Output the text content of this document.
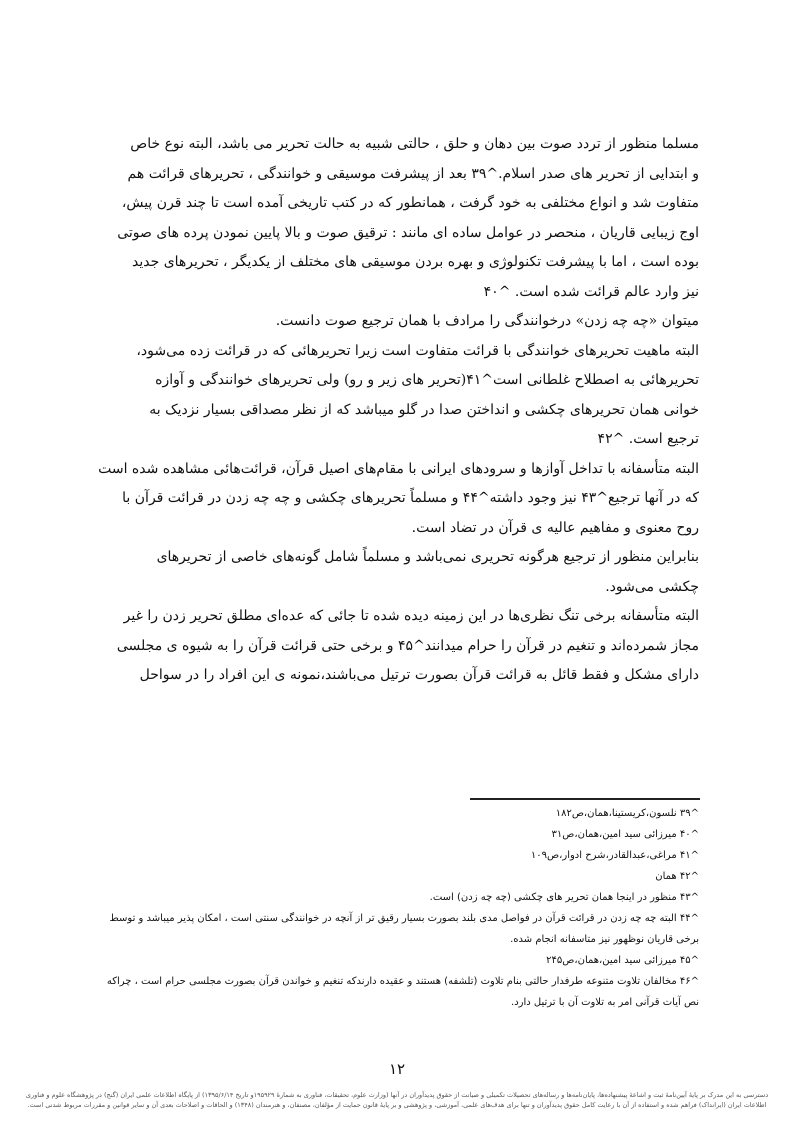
مسلما منظور از تردد صوت بین دهان و حلق ، حالتی شبیه به حالت تحریر می باشد، البته نوع خاص
و ابتدایی از تحریر های صدر اسلام.^۳۹ بعد از پیشرفت موسیقی و خوانندگی ، تحریرهای قرائت هم
متفاوت شد و انواع مختلفی به خود گرفت ، همانطور که در کتب تاریخی آمده است تا چند قرن پیش،
اوج زیبایی قاریان ، منحصر در عوامل ساده ای مانند : ترقیق صوت و بالا پایین نمودن پرده های صوتی
بوده است ، اما با پیشرفت تکنولوژی و بهره بردن موسیقی های مختلف از یکدیگر ، تحریرهای جدید
نیز وارد عالم قرائت شده است. ^۴۰
میتوان «چه چه زدن» درخوانندگی را مرادف با همان ترجیع صوت دانست.
البته ماهیت تحریرهای خوانندگی با قرائت متفاوت است زیرا تحریرهائی که در قرائت زده می‌شود،
تحریرهائی به اصطلاح غلطانی است^۴۱(تحریر های زیر و رو) ولی تحریرهای خوانندگی و آوازه
خوانی همان تحریرهای چکشی و انداختن صدا در گلو میباشد که از نظر مصداقی بسیار نزدیک به
ترجیع است. ^۴۲
البته متأسفانه با تداخل آوازها و سرودهای ایرانی با مقام‌های اصیل قرآن، قرائت‌هائی مشاهده شده است
که در آنها ترجیع^۴۳ نیز وجود داشته^۴۴ و مسلماً تحریرهای چکشی و چه چه زدن در قرائت قرآن با
روح معنوی و مفاهیم عالیه ی قرآن در تضاد است.
بنابراین منظور از ترجیع هرگونه تحریری نمی‌باشد و مسلماً شامل گونه‌های خاصی از تحریرهای
چکشی می‌شود.
البته متأسفانه برخی تنگ نظری‌ها در این زمینه دیده شده تا جائی که عده‌ای مطلق تحریر زدن را غیر
مجاز شمرده‌اند و تنغیم در قرآن را حرام میدانند^۴۵ و برخی حتی قرائت قرآن را به شیوه ی مجلسی
دارای مشکل و فقط قائل به قرائت قرآن بصورت ترتیل می‌باشند،نمونه ی این افراد را در سواحل
^۳۹ نلسون،کریستینا،همان،ص۱۸۲
^۴۰ میرزائی سید امین،همان،ص۳۱
^۴۱ مراغی،عبدالقادر،شرح ادوار،ص۱۰۹
^۴۲ همان
^۴۳ منظور در اینجا همان تحریر های چکشی (چه چه زدن) است.
^۴۴ البته چه چه زدن در قرائت قرآن در فواصل مدی بلند بصورت بسیار رقیق تر از آنچه در خوانندگی سنتی است ، امکان پذیر میباشد و توسط
برخی قاریان نوظهور نیز متاسفانه انجام شده.
^۴۵ میرزائی سید امین،همان،ص۲۴۵
^۴۶ مخالفان تلاوت متنوعه طرفدار حالتی بنام تلاوت (تلشفه) هستند و عقیده دارندکه تنغیم و خواندن قرآن بصورت مجلسی حرام است ، چراکه
نص آیات قرآنی امر به تلاوت آن با ترتیل دارد.
۱۲
دسترسی به این مدرک بر پایهٔ آیین‌نامهٔ ثبت و اشاعهٔ پیشنهاده‌ها، پایان‌نامه‌ها و رساله‌های تحصیلات تکمیلی و صیانت از حقوق پدیدآوران در آنها (وزارت علوم، تحقیقات، فناوری به شمارهٔ ۱۹۵۹۲۹و تاریخ ۱۳۹۵/۶/۱۴) از پایگاه اطلاعات علمی ایران (گنج) در پژوهشگاه علوم و فناوری
اطلاعات ایران (ایرانداک) فراهم شده و استفاده از آن با رعایت کامل حقوق پدیدآوران و تنها برای هدف‌های علمی، آموزشی، و پژوهشی و بر پایهٔ قانون حمایت از مؤلفان، مصنفان، و هنرمندان (۱۳۴۸) و الحاقات و اصلاحات بعدی آن و سایر قوانین و مقررات مربوط شدنی است.
